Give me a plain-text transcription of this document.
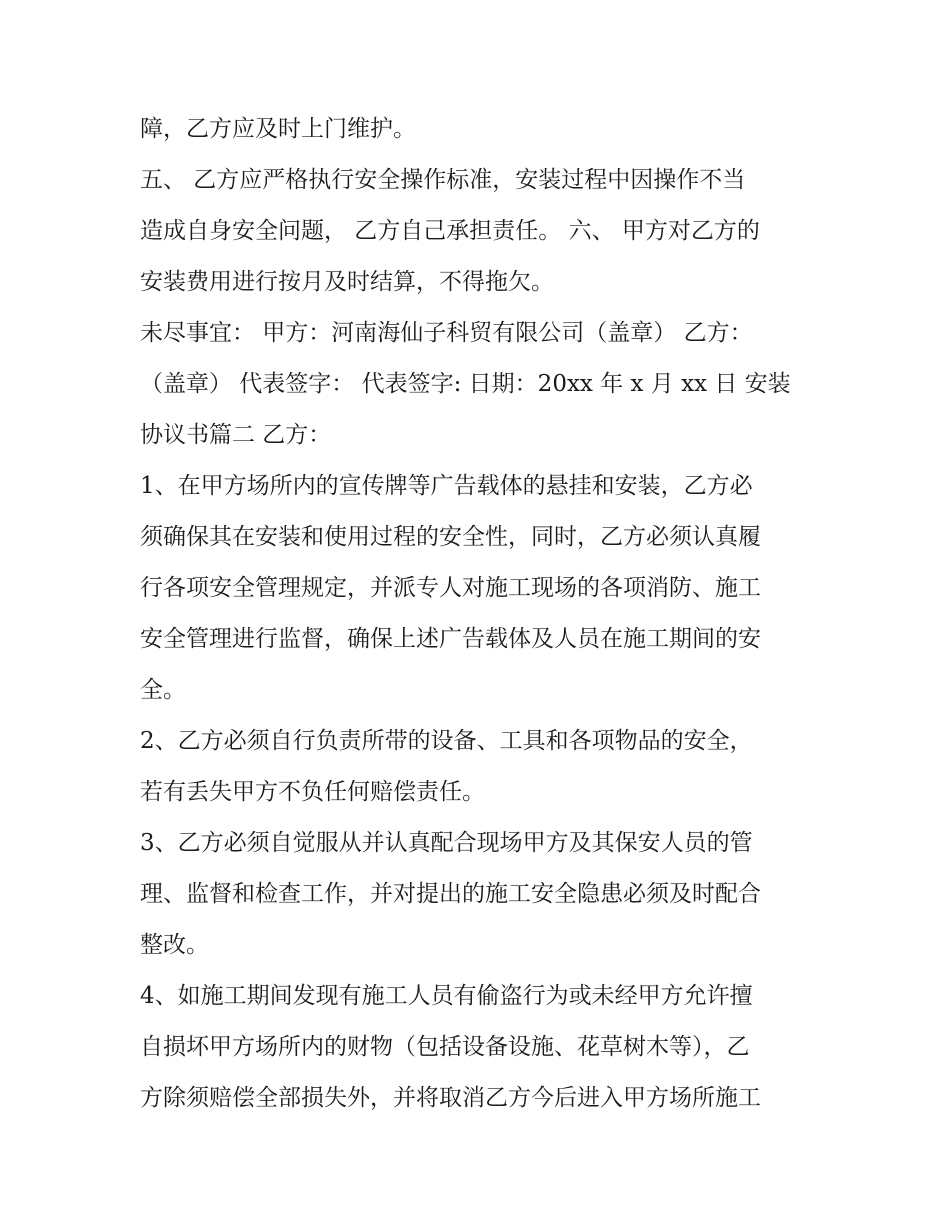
障，乙方应及时上门维护。
五、 乙方应严格执行安全操作标准，安装过程中因操作不当
造成自身安全问题， 乙方自己承担责任。 六、 甲方对乙方的
安装费用进行按月及时结算，不得拖欠。
未尽事宜： 甲方：河南海仙子科贸有限公司（盖章） 乙方：
（盖章） 代表签字： 代表签字: 日期：20xx 年 x 月 xx 日 安装
协议书篇二 乙方：
1、在甲方场所内的宣传牌等广告载体的悬挂和安装，乙方必
须确保其在安装和使用过程的安全性，同时，乙方必须认真履
行各项安全管理规定，并派专人对施工现场的各项消防、施工
安全管理进行监督，确保上述广告载体及人员在施工期间的安
全。
2、乙方必须自行负责所带的设备、工具和各项物品的安全，
若有丢失甲方不负任何赔偿责任。
3、乙方必须自觉服从并认真配合现场甲方及其保安人员的管
理、监督和检查工作，并对提出的施工安全隐患必须及时配合
整改。
4、如施工期间发现有施工人员有偷盗行为或未经甲方允许擅
自损坏甲方场所内的财物（包括设备设施、花草树木等），乙
方除须赔偿全部损失外，并将取消乙方今后进入甲方场所施工
